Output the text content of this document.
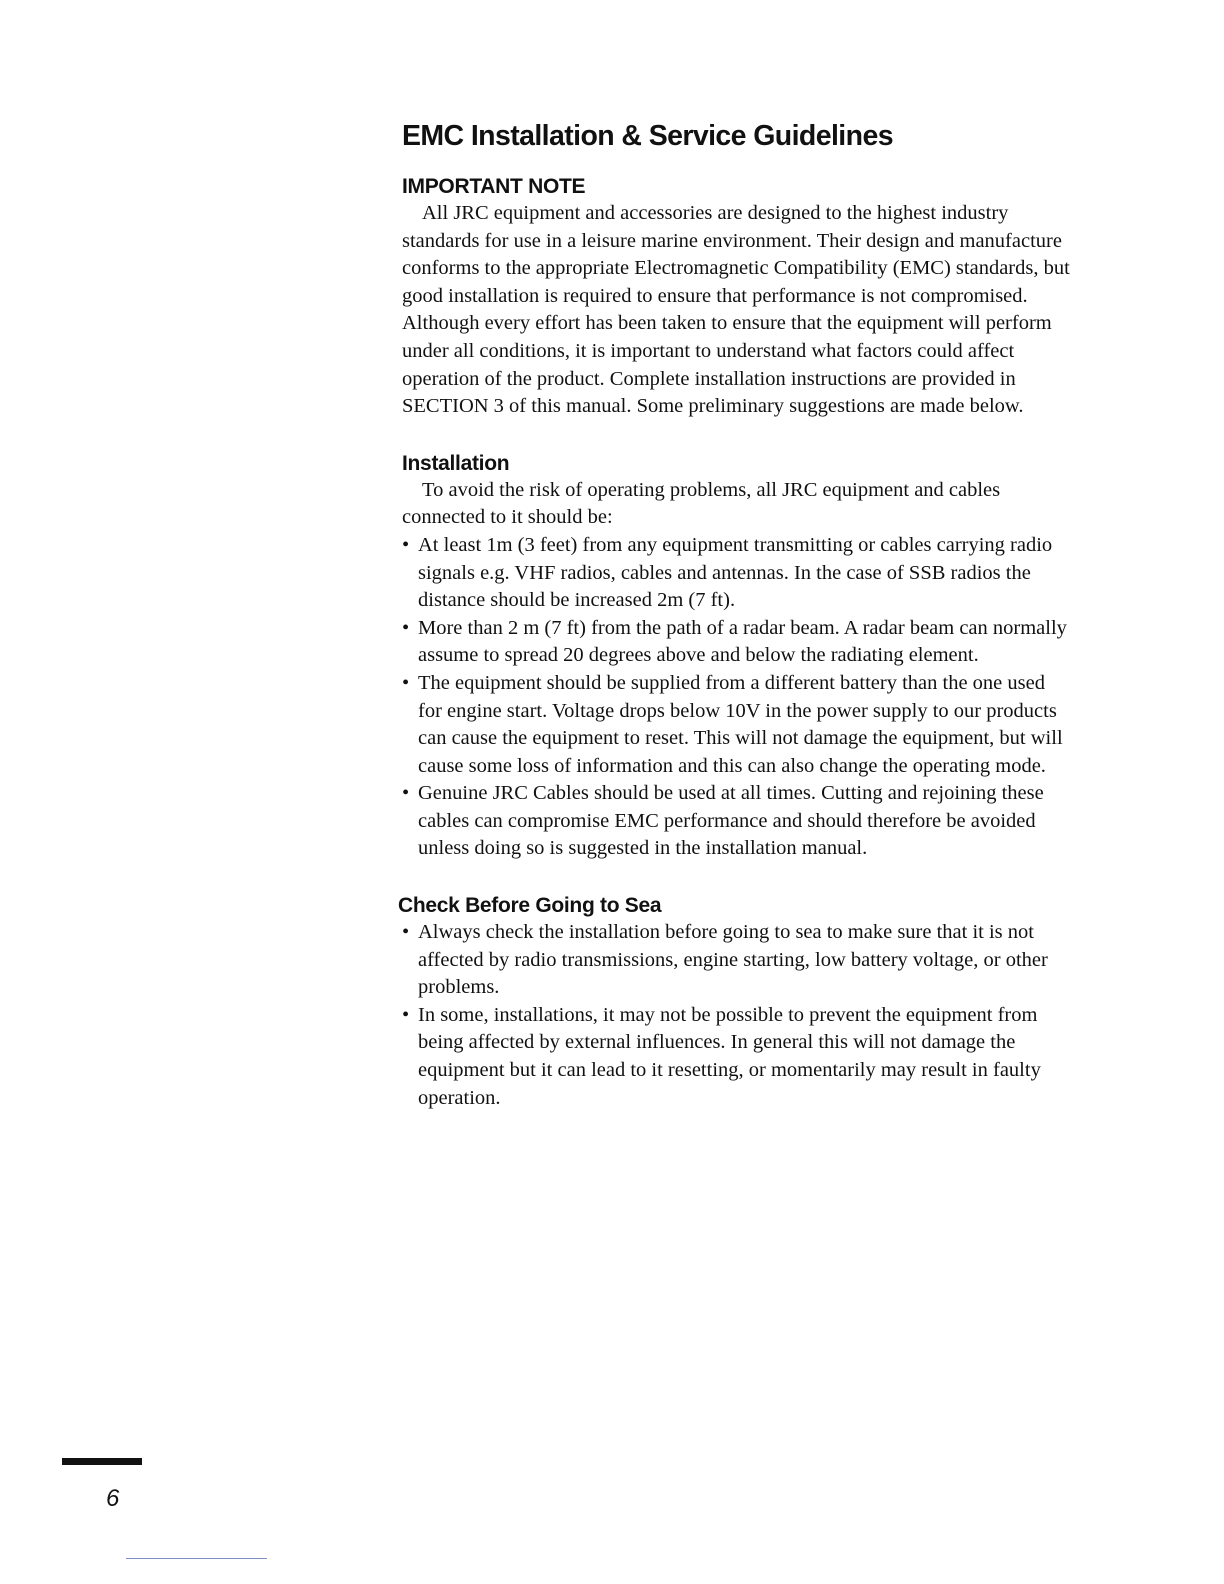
EMC Installation & Service Guidelines
IMPORTANT NOTE

All JRC equipment and accessories are designed to the highest industry standards for use in a leisure marine environment. Their design and manufacture conforms to the appropriate Electromagnetic Compatibility (EMC) standards, but good installation is required to ensure that performance is not compromised. Although every effort has been taken to ensure that the equipment will perform under all conditions, it is important to understand what factors could affect operation of the product. Complete installation instructions are provided in SECTION 3 of this manual. Some preliminary suggestions are made below.

Installation

To avoid the risk of operating problems, all JRC equipment and cables connected to it should be:

• At least 1m (3 feet) from any equipment transmitting or cables carrying radio signals e.g. VHF radios, cables and antennas. In the case of SSB radios the distance should be increased 2m (7 ft).
• More than 2 m (7 ft) from the path of a radar beam. A radar beam can normally assume to spread 20 degrees above and below the radiating element.
• The equipment should be supplied from a different battery than the one used for engine start. Voltage drops below 10V in the power supply to our products can cause the equipment to reset. This will not damage the equipment, but will cause some loss of information and this can also change the operating mode.
• Genuine JRC Cables should be used at all times. Cutting and rejoining these cables can compromise EMC performance and should therefore be avoided unless doing so is suggested in the installation manual.
Check Before Going to Sea
• Always check the installation before going to sea to make sure that it is not affected by radio transmissions, engine starting, low battery voltage, or other problems.
• In some, installations, it may not be possible to prevent the equipment from being affected by external influences. In general this will not damage the equipment but it can lead to it resetting, or momentarily may result in faulty operation.
6
